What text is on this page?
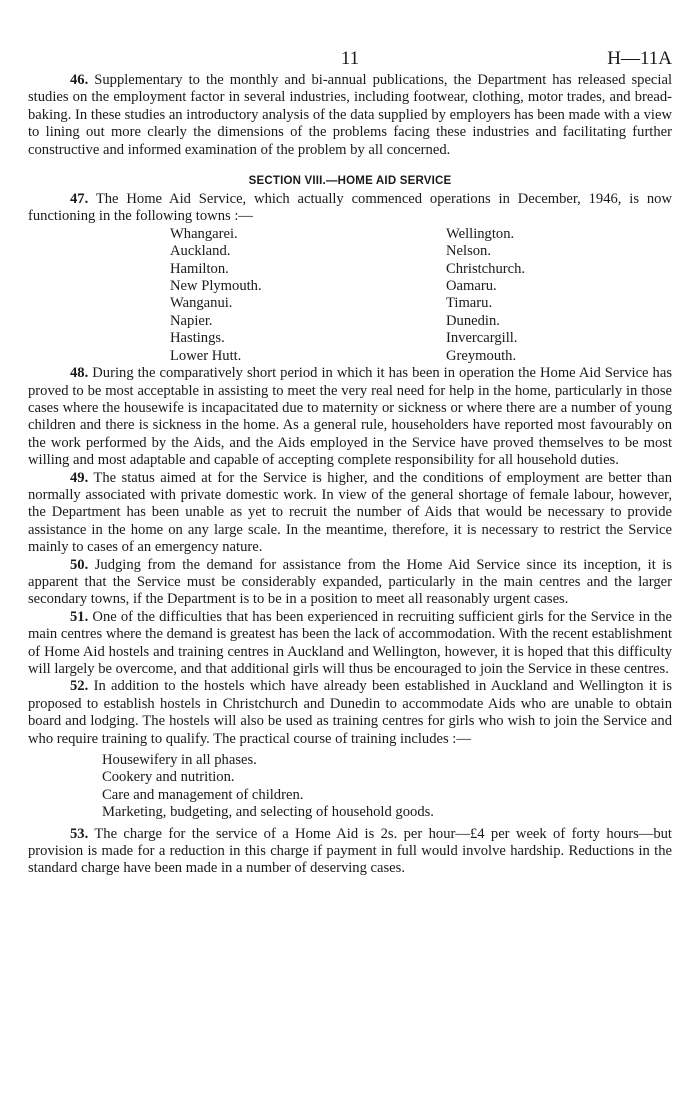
11	H—11A

46. Supplementary to the monthly and bi-annual publications, the Department has released special studies on the employment factor in several industries, including footwear, clothing, motor trades, and bread-baking. In these studies an introductory analysis of the data supplied by employers has been made with a view to lining out more clearly the dimensions of the problems facing these industries and facilitating further constructive and informed examination of the problem by all concerned.

SECTION VIII.—HOME AID SERVICE

47. The Home Aid Service, which actually commenced operations in December, 1946, is now functioning in the following towns :—

Whangarei.	Wellington.
Auckland.	Nelson.
Hamilton.	Christchurch.
New Plymouth.	Oamaru.
Wanganui.	Timaru.
Napier.	Dunedin.
Hastings.	Invercargill.
Lower Hutt.	Greymouth.

48. During the comparatively short period in which it has been in operation the Home Aid Service has proved to be most acceptable in assisting to meet the very real need for help in the home, particularly in those cases where the housewife is incapacitated due to maternity or sickness or where there are a number of young children and there is sickness in the home. As a general rule, householders have reported most favourably on the work performed by the Aids, and the Aids employed in the Service have proved themselves to be most willing and most adaptable and capable of accepting complete responsibility for all household duties.

49. The status aimed at for the Service is higher, and the conditions of employment are better than normally associated with private domestic work. In view of the general shortage of female labour, however, the Department has been unable as yet to recruit the number of Aids that would be necessary to provide assistance in the home on any large scale. In the meantime, therefore, it is necessary to restrict the Service mainly to cases of an emergency nature.

50. Judging from the demand for assistance from the Home Aid Service since its inception, it is apparent that the Service must be considerably expanded, particularly in the main centres and the larger secondary towns, if the Department is to be in a position to meet all reasonably urgent cases.

51. One of the difficulties that has been experienced in recruiting sufficient girls for the Service in the main centres where the demand is greatest has been the lack of accommodation. With the recent establishment of Home Aid hostels and training centres in Auckland and Wellington, however, it is hoped that this difficulty will largely be overcome, and that additional girls will thus be encouraged to join the Service in these centres.

52. In addition to the hostels which have already been established in Auckland and Wellington it is proposed to establish hostels in Christchurch and Dunedin to accommodate Aids who are unable to obtain board and lodging. The hostels will also be used as training centres for girls who wish to join the Service and who require training to qualify. The practical course of training includes :—

Housewifery in all phases.
Cookery and nutrition.
Care and management of children.
Marketing, budgeting, and selecting of household goods.

53. The charge for the service of a Home Aid is 2s. per hour—£4 per week of forty hours—but provision is made for a reduction in this charge if payment in full would involve hardship. Reductions in the standard charge have been made in a number of deserving cases.
